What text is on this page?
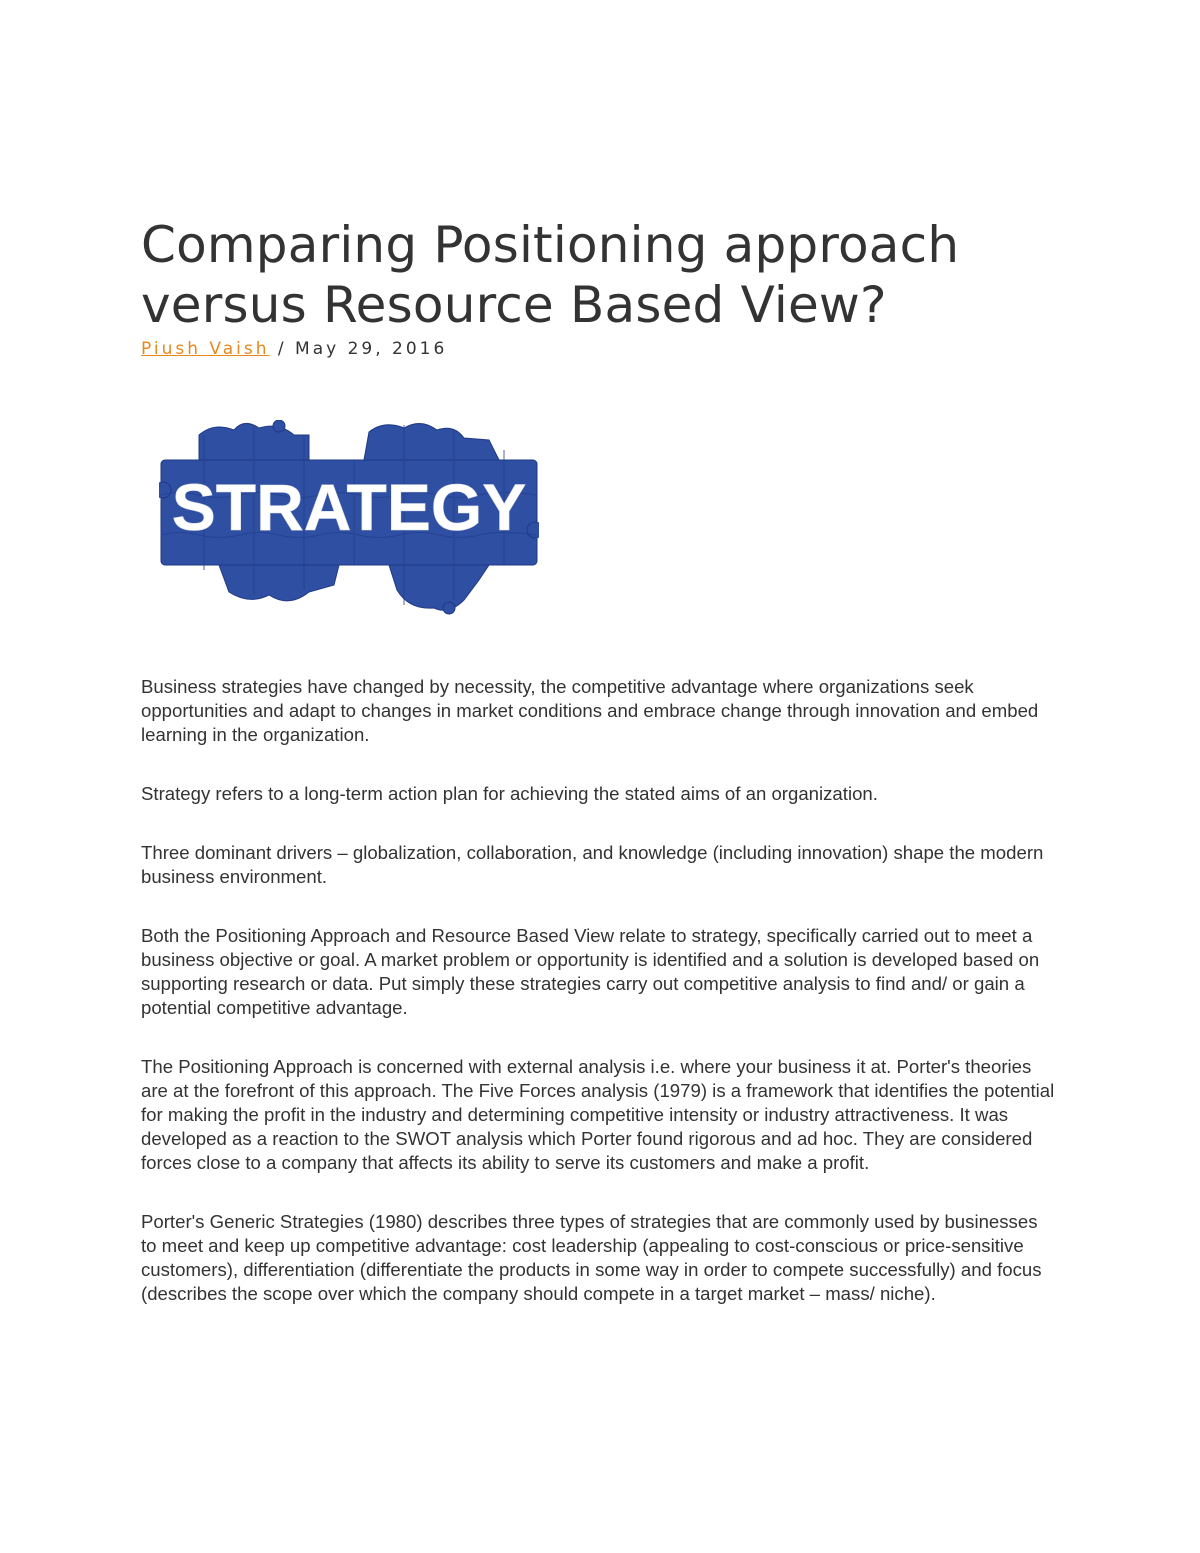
Comparing Positioning approach
versus Resource Based View?
Piush Vaish / May 29, 2016
STRATEGY

Business strategies have changed by necessity, the competitive advantage where organizations seek opportunities and adapt to changes in market conditions and embrace change through innovation and embed learning in the organization.

Strategy refers to a long-term action plan for achieving the stated aims of an organization.

Three dominant drivers – globalization, collaboration, and knowledge (including innovation) shape the modern business environment.

Both the Positioning Approach and Resource Based View relate to strategy, specifically carried out to meet a business objective or goal. A market problem or opportunity is identified and a solution is developed based on supporting research or data. Put simply these strategies carry out competitive analysis to find and/ or gain a potential competitive advantage.

The Positioning Approach is concerned with external analysis i.e. where your business it at. Porter's theories are at the forefront of this approach. The Five Forces analysis (1979) is a framework that identifies the potential for making the profit in the industry and determining competitive intensity or industry attractiveness. It was developed as a reaction to the SWOT analysis which Porter found rigorous and ad hoc. They are considered forces close to a company that affects its ability to serve its customers and make a profit.

Porter's Generic Strategies (1980) describes three types of strategies that are commonly used by businesses to meet and keep up competitive advantage: cost leadership (appealing to cost-conscious or price-sensitive customers), differentiation (differentiate the products in some way in order to compete successfully) and focus (describes the scope over which the company should compete in a target market – mass/ niche).
